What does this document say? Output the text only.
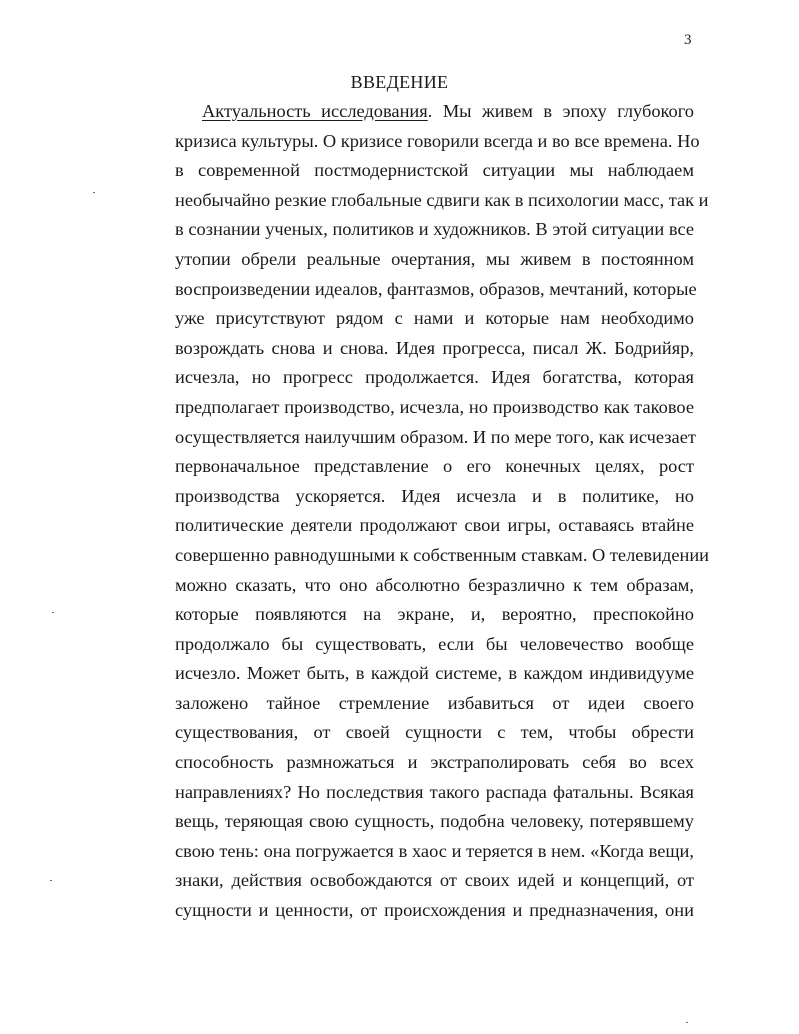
3
ВВЕДЕНИЕ
Актуальность исследования. Мы живем в эпоху глубокого
кризиса культуры. О кризисе говорили всегда и во все времена. Но
в современной постмодернистской ситуации мы наблюдаем
необычайно резкие глобальные сдвиги как в психологии масс, так и
в сознании ученых, политиков и художников. В этой ситуации все
утопии обрели реальные очертания, мы живем в постоянном
воспроизведении идеалов, фантазмов, образов, мечтаний, которые
уже присутствуют рядом с нами и которые нам необходимо
возрождать снова и снова. Идея прогресса, писал Ж. Бодрийяр,
исчезла, но прогресс продолжается. Идея богатства, которая
предполагает производство, исчезла, но производство как таковое
осуществляется наилучшим образом. И по мере того, как исчезает
первоначальное представление о его конечных целях, рост
производства ускоряется. Идея исчезла и в политике, но
политические деятели продолжают свои игры, оставаясь втайне
совершенно равнодушными к собственным ставкам. О телевидении
можно сказать, что оно абсолютно безразлично к тем образам,
которые появляются на экране, и, вероятно, преспокойно
продолжало бы существовать, если бы человечество вообще
исчезло. Может быть, в каждой системе, в каждом индивидууме
заложено тайное стремление избавиться от идеи своего
существования, от своей сущности с тем, чтобы обрести
способность размножаться и экстраполировать себя во всех
направлениях? Но последствия такого распада фатальны. Всякая
вещь, теряющая свою сущность, подобна человеку, потерявшему
свою тень: она погружается в хаос и теряется в нем. «Когда вещи,
знаки, действия освобождаются от своих идей и концепций, от
сущности и ценности, от происхождения и предназначения, они
